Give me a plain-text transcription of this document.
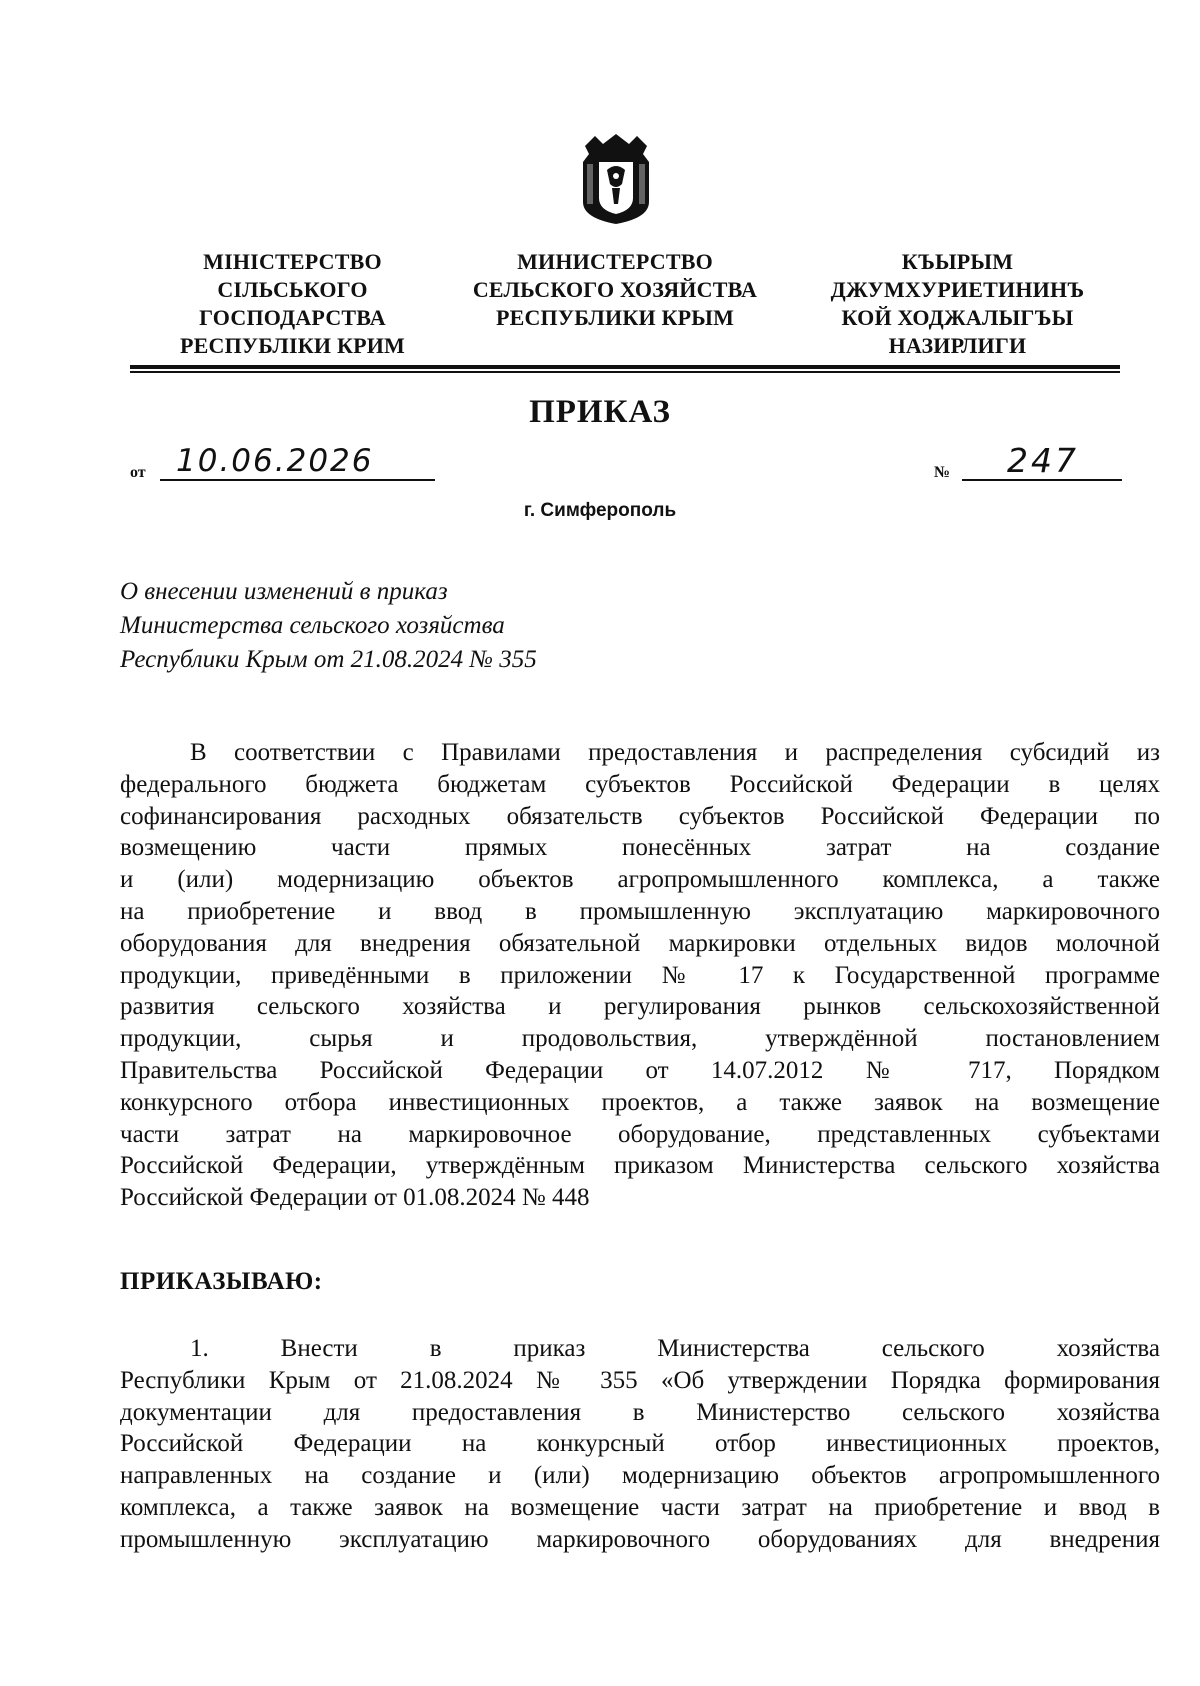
МІНІСТЕРСТВО
СІЛЬСЬКОГО
ГОСПОДАРСТВА
РЕСПУБЛІКИ КРИМ
МИНИСТЕРСТВО
СЕЛЬСКОГО ХОЗЯЙСТВА
РЕСПУБЛИКИ КРЫМ
КЪЫРЫМ
ДЖУМХУРИЕТИНИНЪ
КОЙ ХОДЖАЛЫГЪЫ
НАЗИРЛИГИ
ПРИКАЗ
от 10.06.2026	№	247
г. Симферополь
О внесении изменений в приказ
Министерства сельского хозяйства
Республики Крым от 21.08.2024 № 355
В соответствии с Правилами предоставления и распределения субсидий из
федерального бюджета бюджетам субъектов Российской Федерации в целях
софинансирования расходных обязательств субъектов Российской Федерации по
возмещению части прямых понесённых затрат на создание
и (или) модернизацию объектов агропромышленного комплекса, а также
на приобретение и ввод в промышленную эксплуатацию маркировочного
оборудования для внедрения обязательной маркировки отдельных видов молочной
продукции, приведёнными в приложении № 17 к Государственной программе
развития сельского хозяйства и регулирования рынков сельскохозяйственной
продукции, сырья и продовольствия, утверждённой постановлением
Правительства Российской Федерации от 14.07.2012 № 717, Порядком
конкурсного отбора инвестиционных проектов, а также заявок на возмещение
части затрат на маркировочное оборудование, представленных субъектами
Российской Федерации, утверждённым приказом Министерства сельского хозяйства
Российской Федерации от 01.08.2024 № 448
ПРИКАЗЫВАЮ:
1. Внести в приказ Министерства сельского хозяйства
Республики Крым от 21.08.2024 № 355 «Об утверждении Порядка формирования
документации для предоставления в Министерство сельского хозяйства
Российской Федерации на конкурсный отбор инвестиционных проектов,
направленных на создание и (или) модернизацию объектов агропромышленного
комплекса, а также заявок на возмещение части затрат на приобретение и ввод в
промышленную эксплуатацию маркировочного оборудованиях для внедрения
